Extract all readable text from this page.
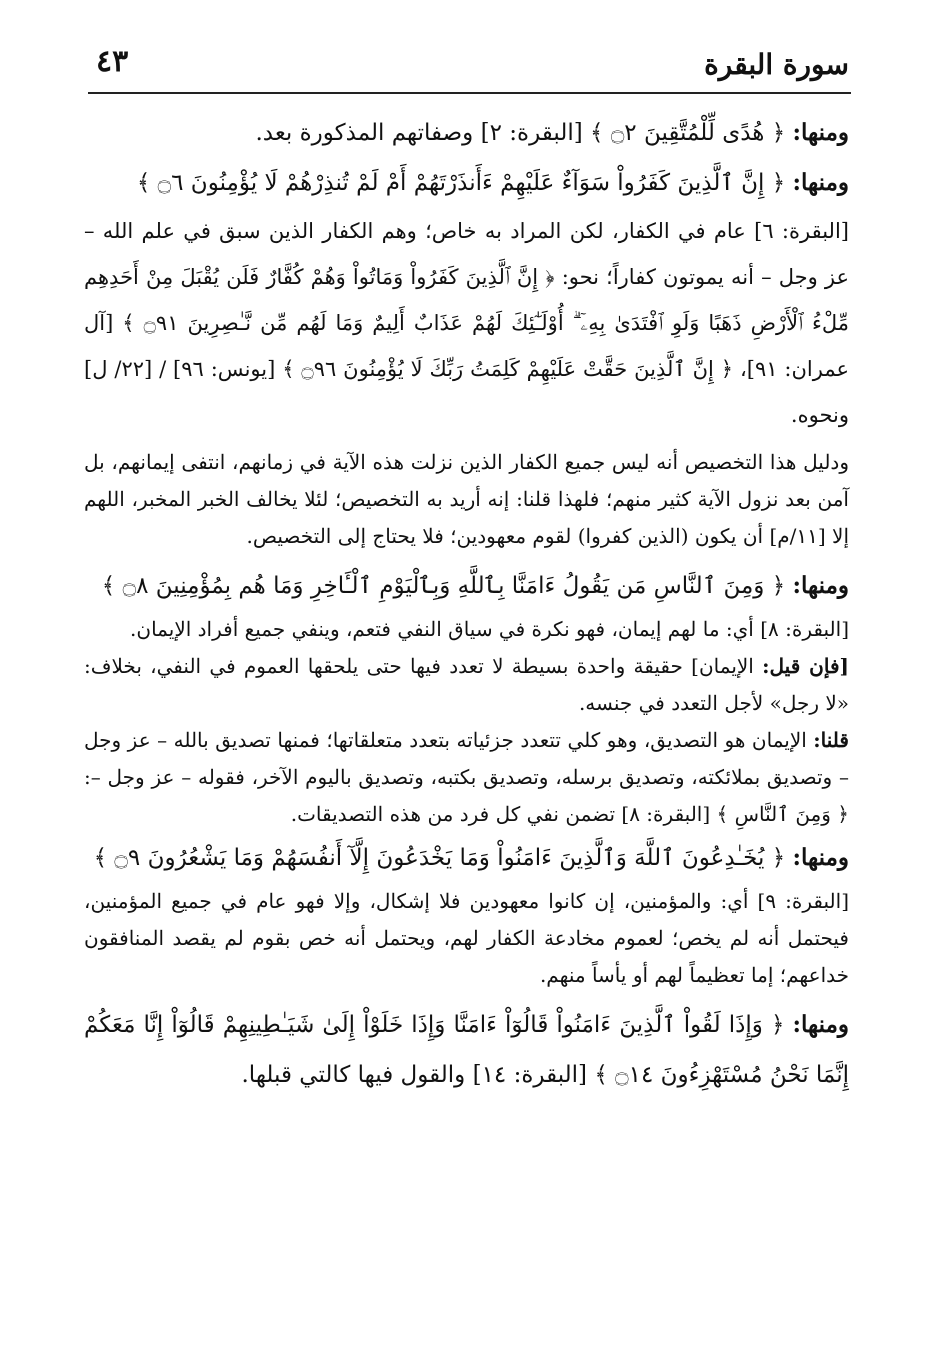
سورة البقرة
٤٣

ومنها: ﴿ هُدًى لِّلْمُتَّقِينَ ۝٢ ﴾ [البقرة: ٢] وصفاتهم المذكورة بعد.

ومنها: ﴿ إِنَّ ٱلَّذِينَ كَفَرُواْ سَوَآءٌ عَلَيْهِمْ ءَأَنذَرْتَهُمْ أَمْ لَمْ تُنذِرْهُمْ لَا يُؤْمِنُونَ ۝٦ ﴾

[البقرة: ٦] عام في الكفار، لكن المراد به خاص؛ وهم الكفار الذين سبق في علم الله – عز وجل – أنه يموتون كفاراً؛ نحو: ﴿ إِنَّ ٱلَّذِينَ كَفَرُواْ وَمَاتُواْ وَهُمْ كُفَّارٌ فَلَن يُقْبَلَ مِنْ أَحَدِهِم مِّلْءُ ٱلْأَرْضِ ذَهَبًا وَلَوِ ٱفْتَدَىٰ بِهِۦٓ ۗ أُوْلَـٰٓئِكَ لَهُمْ عَذَابٌ أَلِيمٌ وَمَا لَهُم مِّن نَّـٰصِرِينَ ۝٩١ ﴾ [آل عمران: ٩١]، ﴿ إِنَّ ٱلَّذِينَ حَقَّتْ عَلَيْهِمْ كَلِمَتُ رَبِّكَ لَا يُؤْمِنُونَ ۝٩٦ ﴾ [يونس: ٩٦] / [٢٢/ ل] ونحوه.

ودليل هذا التخصيص أنه ليس جميع الكفار الذين نزلت هذه الآية في زمانهم، انتفى إيمانهم، بل آمن بعد نزول الآية كثير منهم؛ فلهذا قلنا: إنه أريد به التخصيص؛ لئلا يخالف الخبر المخبر، اللهم إلا [١١/م] أن يكون (الذين كفروا) لقوم معهودين؛ فلا يحتاج إلى التخصيص.

ومنها: ﴿ وَمِنَ ٱلنَّاسِ مَن يَقُولُ ءَامَنَّا بِٱللَّهِ وَبِٱلْيَوْمِ ٱلْـَٔاخِرِ وَمَا هُم بِمُؤْمِنِينَ ۝٨ ﴾

[البقرة: ٨] أي: ما لهم إيمان، فهو نكرة في سياق النفي فتعم، وينفي جميع أفراد الإيمان.

[فإن قيل: الإيمان] حقيقة واحدة بسيطة لا تعدد فيها حتى يلحقها العموم في النفي، بخلاف: «لا رجل» لأجل التعدد في جنسه.

قلنا: الإيمان هو التصديق، وهو كلي تتعدد جزئياته بتعدد متعلقاتها؛ فمنها تصديق بالله – عز وجل – وتصديق بملائكته، وتصديق برسله، وتصديق بكتبه، وتصديق باليوم الآخر، فقوله – عز وجل –: ﴿ وَمِنَ ٱلنَّاسِ ﴾ [البقرة: ٨] تضمن نفي كل فرد من هذه التصديقات.

ومنها: ﴿ يُخَـٰدِعُونَ ٱللَّهَ وَٱلَّذِينَ ءَامَنُواْ وَمَا يَخْدَعُونَ إِلَّآ أَنفُسَهُمْ وَمَا يَشْعُرُونَ ۝٩ ﴾

[البقرة: ٩] أي: والمؤمنين، إن كانوا معهودين فلا إشكال، وإلا فهو عام في جميع المؤمنين، فيحتمل أنه لم يخص؛ لعموم مخادعة الكفار لهم، ويحتمل أنه خص بقوم لم يقصد المنافقون خداعهم؛ إما تعظيماً لهم أو يأساً منهم.

ومنها: ﴿ وَإِذَا لَقُواْ ٱلَّذِينَ ءَامَنُواْ قَالُوٓاْ ءَامَنَّا وَإِذَا خَلَوْاْ إِلَىٰ شَيَـٰطِينِهِمْ قَالُوٓاْ إِنَّا مَعَكُمْ إِنَّمَا نَحْنُ مُسْتَهْزِءُونَ ۝١٤ ﴾ [البقرة: ١٤] والقول فيها كالتي قبلها.
